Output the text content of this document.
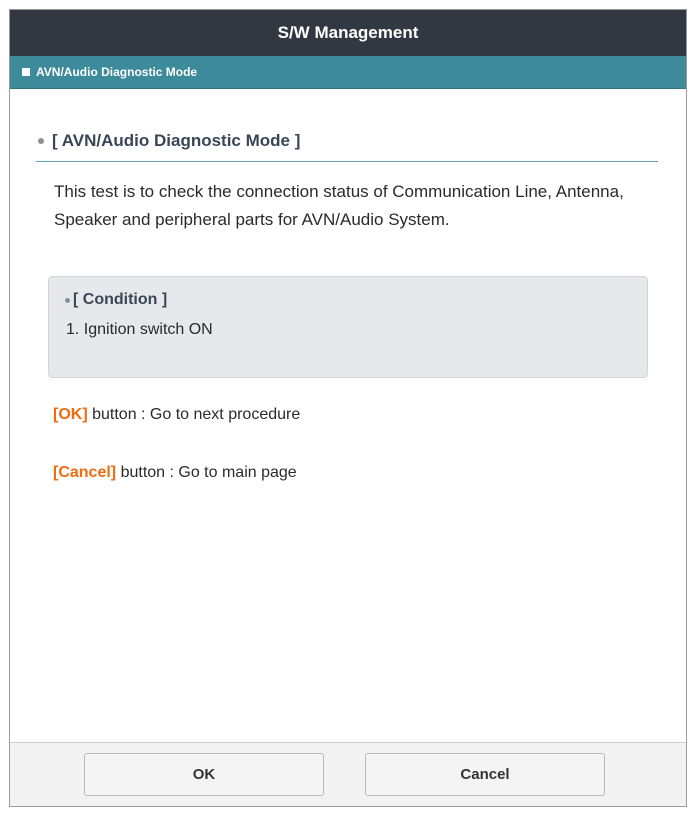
S/W Management
AVN/Audio Diagnostic Mode
[ AVN/Audio Diagnostic Mode ]
This test is to check the connection status of Communication Line, Antenna, Speaker and peripheral parts for AVN/Audio System.
[ Condition ]
1. Ignition switch ON
[OK] button : Go to next procedure
[Cancel] button : Go to main page
OK	Cancel
